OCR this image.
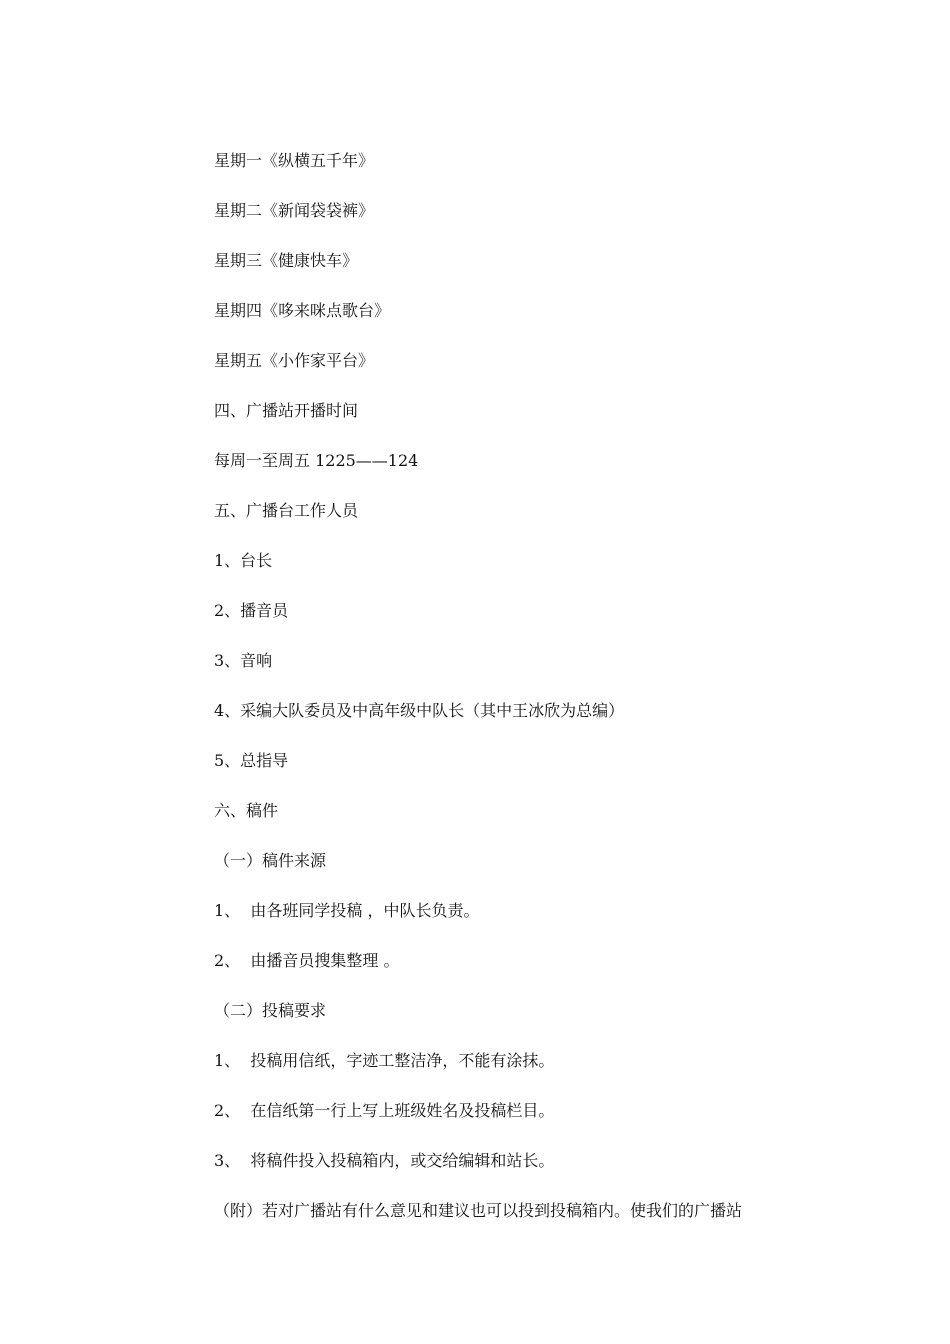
星期一《纵横五千年》
星期二《新闻袋袋裤》
星期三《健康快车》
星期四《哆来咪点歌台》
星期五《小作家平台》
四、广播站开播时间
每周一至周五 1225——124
五、广播台工作人员
1、台长
2、播音员
3、音响
4、采编大队委员及中高年级中队长（其中王冰欣为总编）
5、总指导
六、稿件
（一）稿件来源
1、  由各班同学投稿 ，中队长负责。
2、  由播音员搜集整理 。
（二）投稿要求
1、  投稿用信纸，字迹工整洁净，不能有涂抹。
2、  在信纸第一行上写上班级姓名及投稿栏目。
3、  将稿件投入投稿箱内，或交给编辑和站长。
（附）若对广播站有什么意见和建议也可以投到投稿箱内。使我们的广播站
